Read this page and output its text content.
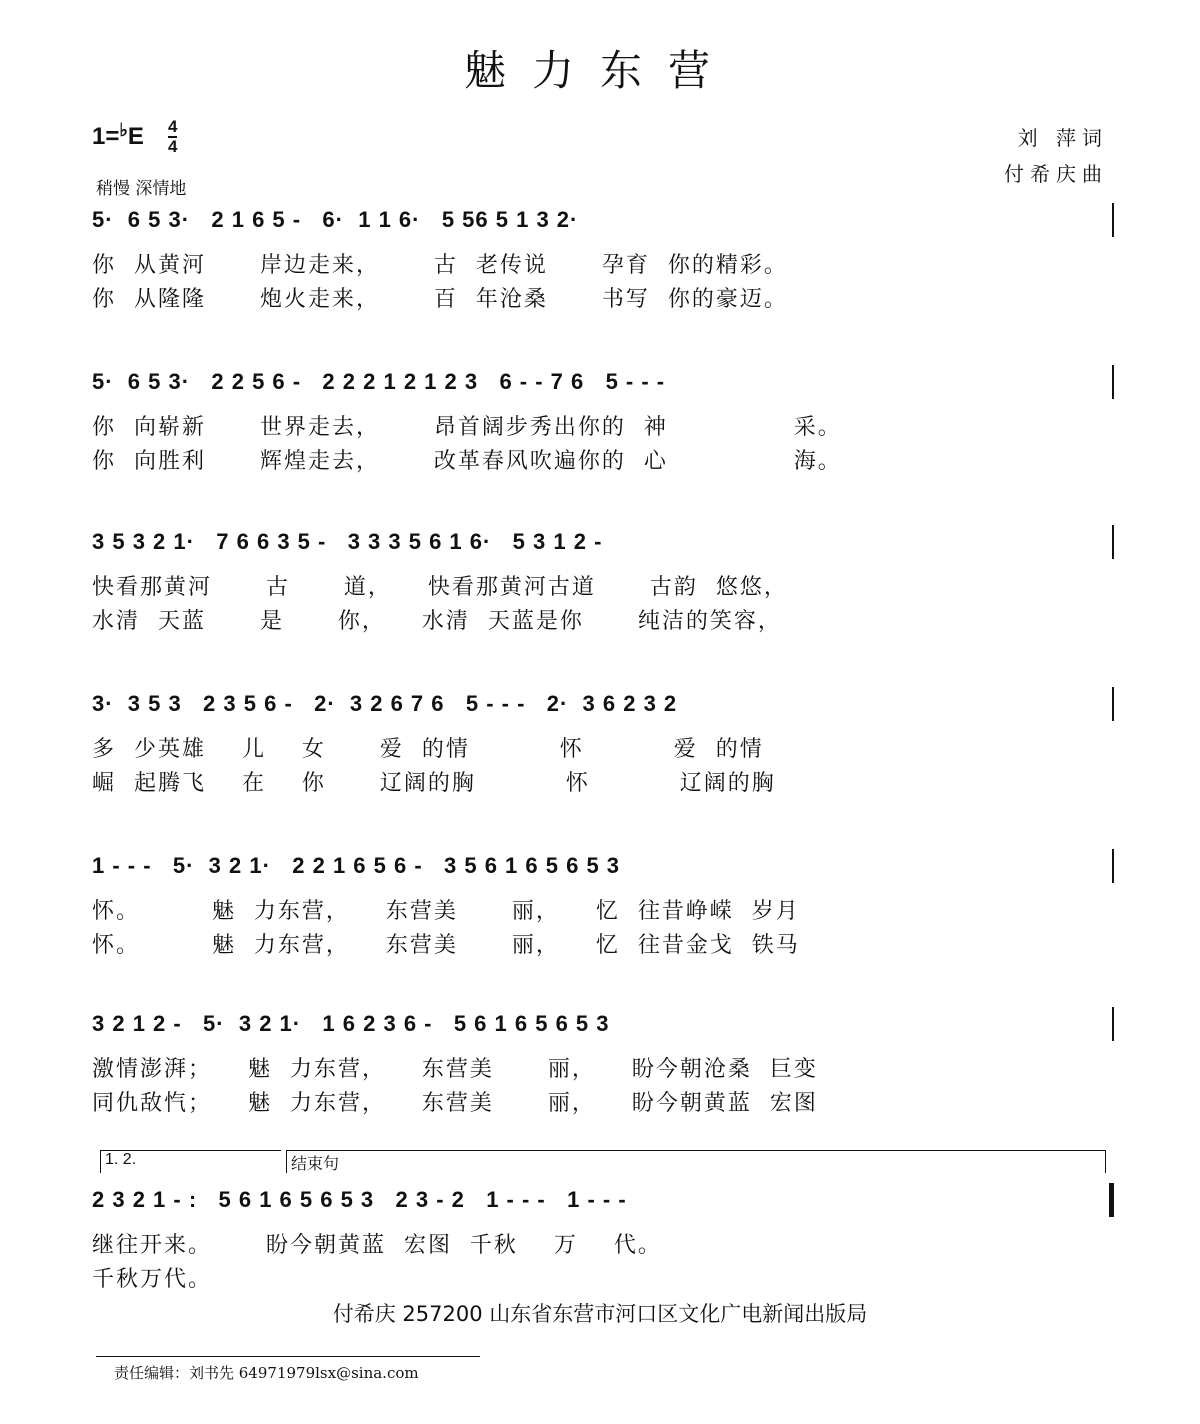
魅力东营
1=♭E 4
4
稍慢 深情地
刘 萍词
付希庆曲
5·  6 5 3·   2 1 6 5 -   6·  1 1 6·   5 56 5 1 3 2·
你  从黄河      岸边走来，      古  老传说      孕育  你的精彩。
你  从隆隆      炮火走来，      百  年沧桑      书写  你的豪迈。
5·  6 5 3·   2 2 5 6 -   2 2 2 1 2 1 2 3   6 - - 7 6   5 - - -
你  向崭新      世界走去，      昂首阔步秀出你的  神              采。
你  向胜利      辉煌走去，      改革春风吹遍你的  心              海。
3 5 3 2 1·   7 6 6 3 5 -   3 3 3 5 6 1 6·   5 3 1 2 -
快看那黄河      古      道，    快看那黄河古道      古韵  悠悠，
水清  天蓝      是      你，    水清  天蓝是你      纯洁的笑容，
3·  3 5 3   2 3 5 6 -   2·  3 2 6 7 6   5 - - -   2·  3 6 2 3 2
多  少英雄    儿    女      爱  的情          怀          爱  的情
崛  起腾飞    在    你      辽阔的胸          怀          辽阔的胸
1 - - -   5·  3 2 1·   2 2 1 6 5 6 -   3 5 6 1 6 5 6 5 3
怀。        魅  力东营，    东营美      丽，    忆  往昔峥嵘  岁月
怀。        魅  力东营，    东营美      丽，    忆  往昔金戈  铁马
3 2 1 2 -   5·  3 2 1·   1 6 2 3 6 -   5 6 1 6 5 6 5 3
激情澎湃；    魅  力东营，    东营美      丽，    盼今朝沧桑  巨变
同仇敌忾；    魅  力东营，    东营美      丽，    盼今朝黄蓝  宏图
1. 2.	结束句
2 3 2 1 - :   5 6 1 6 5 6 5 3   2 3 - 2   1 - - -   1 - - -
继往开来。      盼今朝黄蓝  宏图  千秋    万    代。
千秋万代。
付希庆 257200 山东省东营市河口区文化广电新闻出版局
责任编辑：刘书先 64971979lsx@sina.com
